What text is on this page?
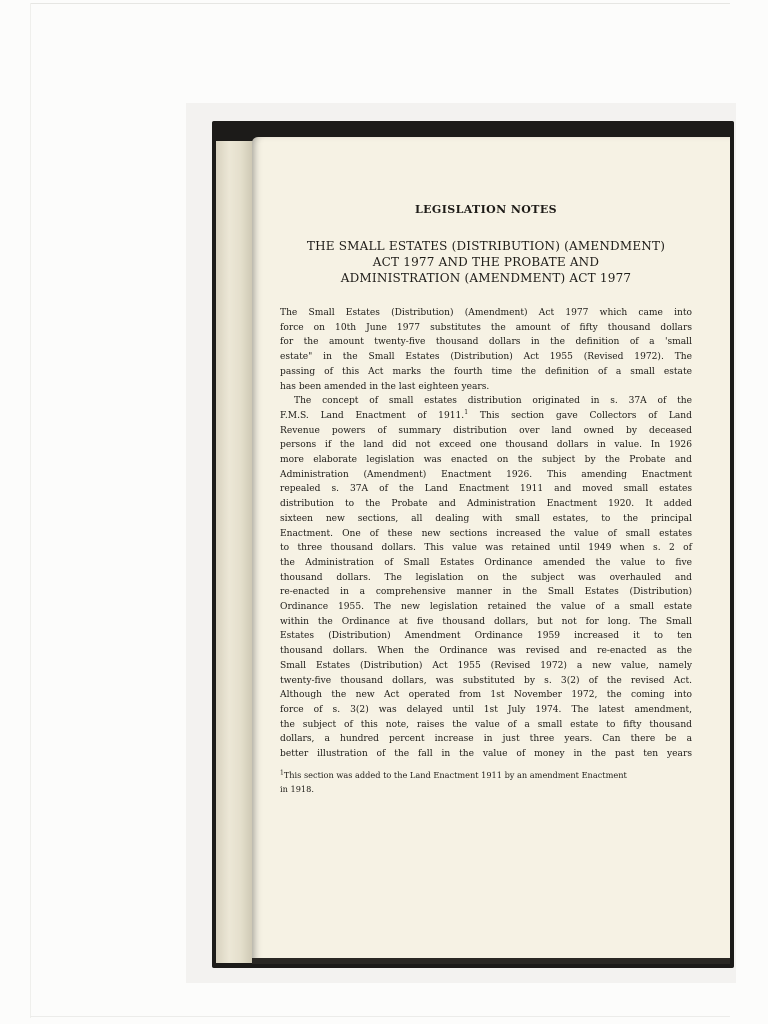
LEGISLATION NOTES
THE SMALL ESTATES (DISTRIBUTION) (AMENDMENT)
ACT 1977 AND THE PROBATE AND
ADMINISTRATION (AMENDMENT) ACT 1977
The Small Estates (Distribution) (Amendment) Act 1977 which came into
force on 10th June 1977 substitutes the amount of fifty thousand dollars
for the amount twenty-five thousand dollars in the definition of a 'small
estate" in the Small Estates (Distribution) Act 1955 (Revised 1972). The
passing of this Act marks the fourth time the definition of a small estate
has been amended in the last eighteen years.
The concept of small estates distribution originated in s. 37A of the
F.M.S. Land Enactment of 1911.$^1$ This section gave Collectors of Land
Revenue powers of summary distribution over land owned by deceased
persons if the land did not exceed one thousand dollars in value. In 1926
more elaborate legislation was enacted on the subject by the Probate and
Administration (Amendment) Enactment 1926. This amending Enactment
repealed s. 37A of the Land Enactment 1911 and moved small estates
distribution to the Probate and Administration Enactment 1920. It added
sixteen new sections, all dealing with small estates, to the principal
Enactment. One of these new sections increased the value of small estates
to three thousand dollars. This value was retained until 1949 when s. 2 of
the Administration of Small Estates Ordinance amended the value to five
thousand dollars. The legislation on the subject was overhauled and
re-enacted in a comprehensive manner in the Small Estates (Distribution)
Ordinance 1955. The new legislation retained the value of a small estate
within the Ordinance at five thousand dollars, but not for long. The Small
Estates (Distribution) Amendment Ordinance 1959 increased it to ten
thousand dollars. When the Ordinance was revised and re-enacted as the
Small Estates (Distribution) Act 1955 (Revised 1972) a new value, namely
twenty-five thousand dollars, was substituted by s. 3(2) of the revised Act.
Although the new Act operated from 1st November 1972, the coming into
force of s. 3(2) was delayed until 1st July 1974. The latest amendment,
the subject of this note, raises the value of a small estate to fifty thousand
dollars, a hundred percent increase in just three years. Can there be a
better illustration of the fall in the value of money in the past ten years
$^1$This section was added to the Land Enactment 1911 by an amendment Enactment
in 1918.
